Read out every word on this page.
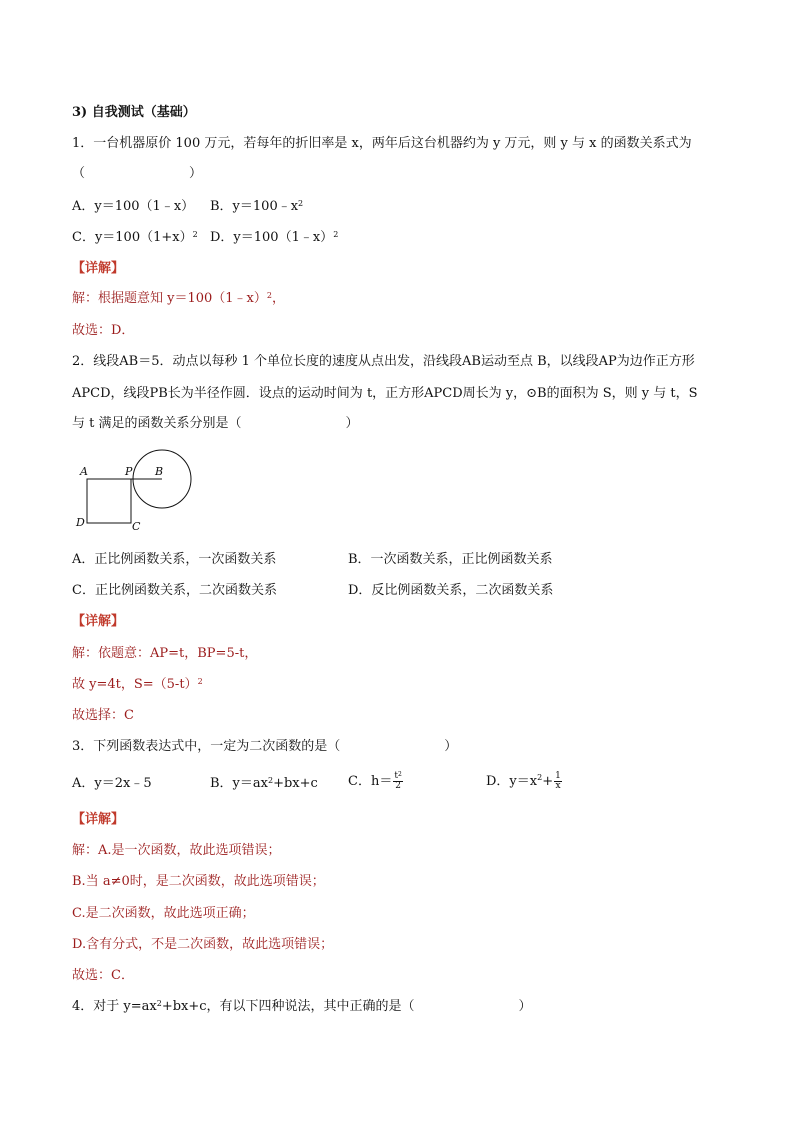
3) 自我测试（基础）
1．一台机器原价 100 万元，若每年的折旧率是 x，两年后这台机器约为 y 万元，则 y 与 x 的函数关系式为
（　　　　　　　　）
A．y＝100（1﹣x） B．$y=100﹣x^2$
C．$y=100(1+x)^2$ D．y＝100（1﹣x）$^2$
【详解】
解：根据题意知 y＝100（1﹣x）$^2$，
故选：D．
2．线段AB＝5．动点以每秒 1 个单位长度的速度从点出发，沿线段AB运动至点 B，以线段AP为边作正方形
APCD，线段PB长为半径作圆．设点的运动时间为 t，正方形APCD周长为 y，⊙B的面积为 S，则 y 与 t，S
与 t 满足的函数关系分别是（　　　　　　　　）
A	P B
D	C
A．正比例函数关系，一次函数关系	B．一次函数关系，正比例函数关系
C．正比例函数关系，二次函数关系	D．反比例函数关系，二次函数关系
【详解】
解：依题意：AP=t，BP=5-t，
故 y=4t，$S=(5-t)^2$
故选择：C
3．下列函数表达式中，一定为二次函数的是（　　　　　　　　）
A．y＝2x﹣5	B．$y=ax^2+bx+c$ C．$h= \frac{t^2}{2}$	D．$y=x^2+ \frac{1}{x}$
【详解】
解：A.是一次函数，故此选项错误；
B.当 a≠0时，是二次函数，故此选项错误；
C.是二次函数，故此选项正确；
D.含有分式，不是二次函数，故此选项错误；
故选：C．
4．对于 $y=ax^2+bx+c$，有以下四种说法，其中正确的是（　　　　　　　　）
